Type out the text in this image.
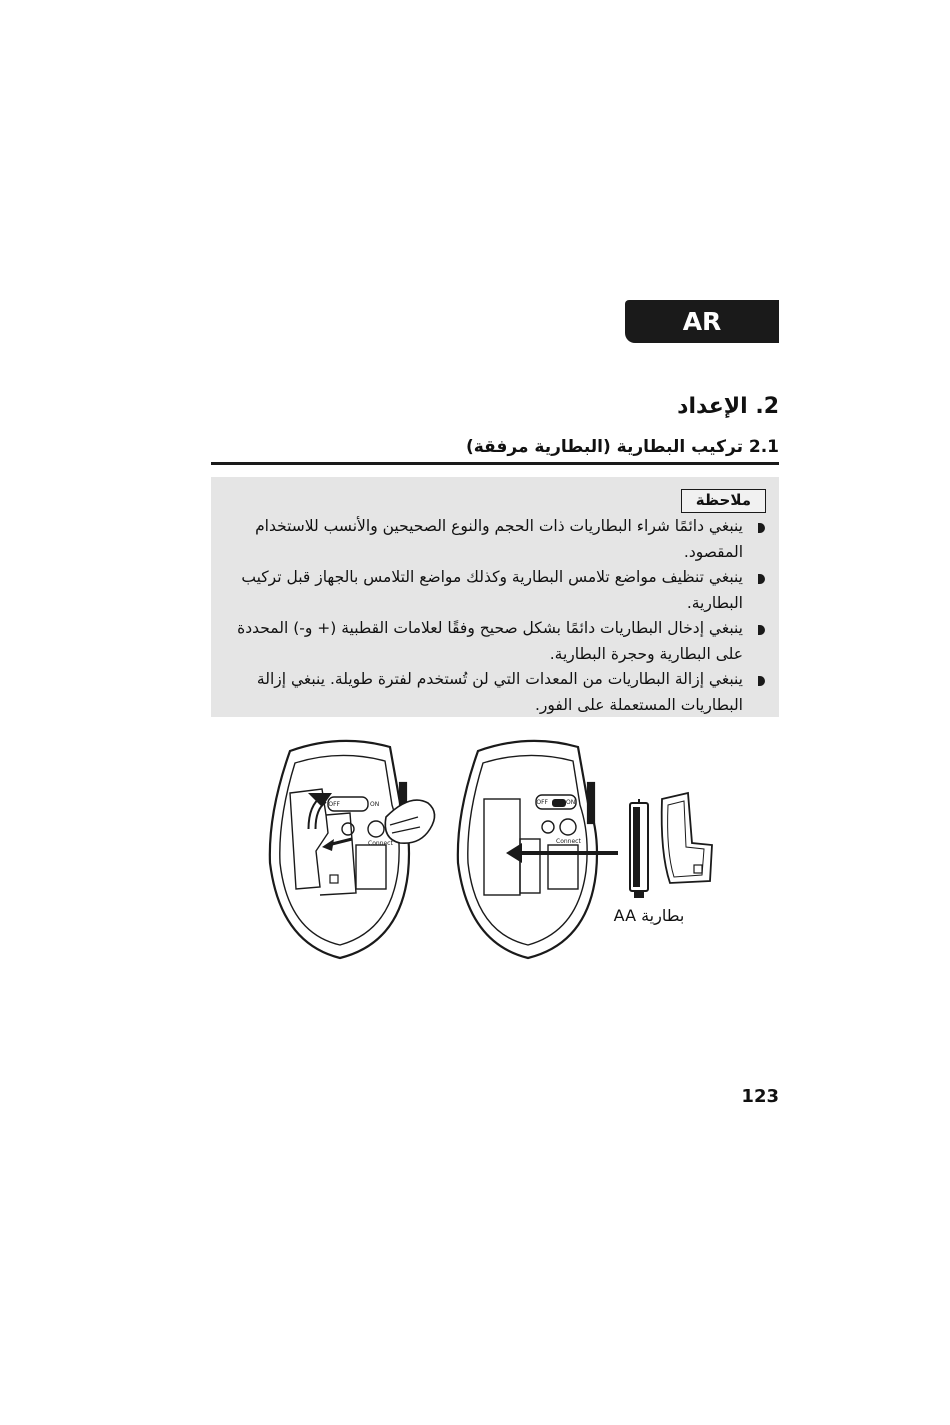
AR
2. الإعداد
2.1 تركيب البطارية (البطارية مرفقة)
ملاحظة
ينبغي دائمًا شراء البطاريات ذات الحجم والنوع الصحيحين والأنسب للاستخدام المقصود.
ينبغي تنظيف مواضع تلامس البطارية وكذلك مواضع التلامس بالجهاز قبل تركيب البطارية.
ينبغي إدخال البطاريات دائمًا بشكل صحيح وفقًا لعلامات القطبية (+ و-) المحددة على البطارية وحجرة البطارية.
ينبغي إزالة البطاريات من المعدات التي لن تُستخدم لفترة طويلة. ينبغي إزالة البطاريات المستعملة على الفور.
OFF	ON
Connect
OFF	ON
Connect
بطارية AA
123
